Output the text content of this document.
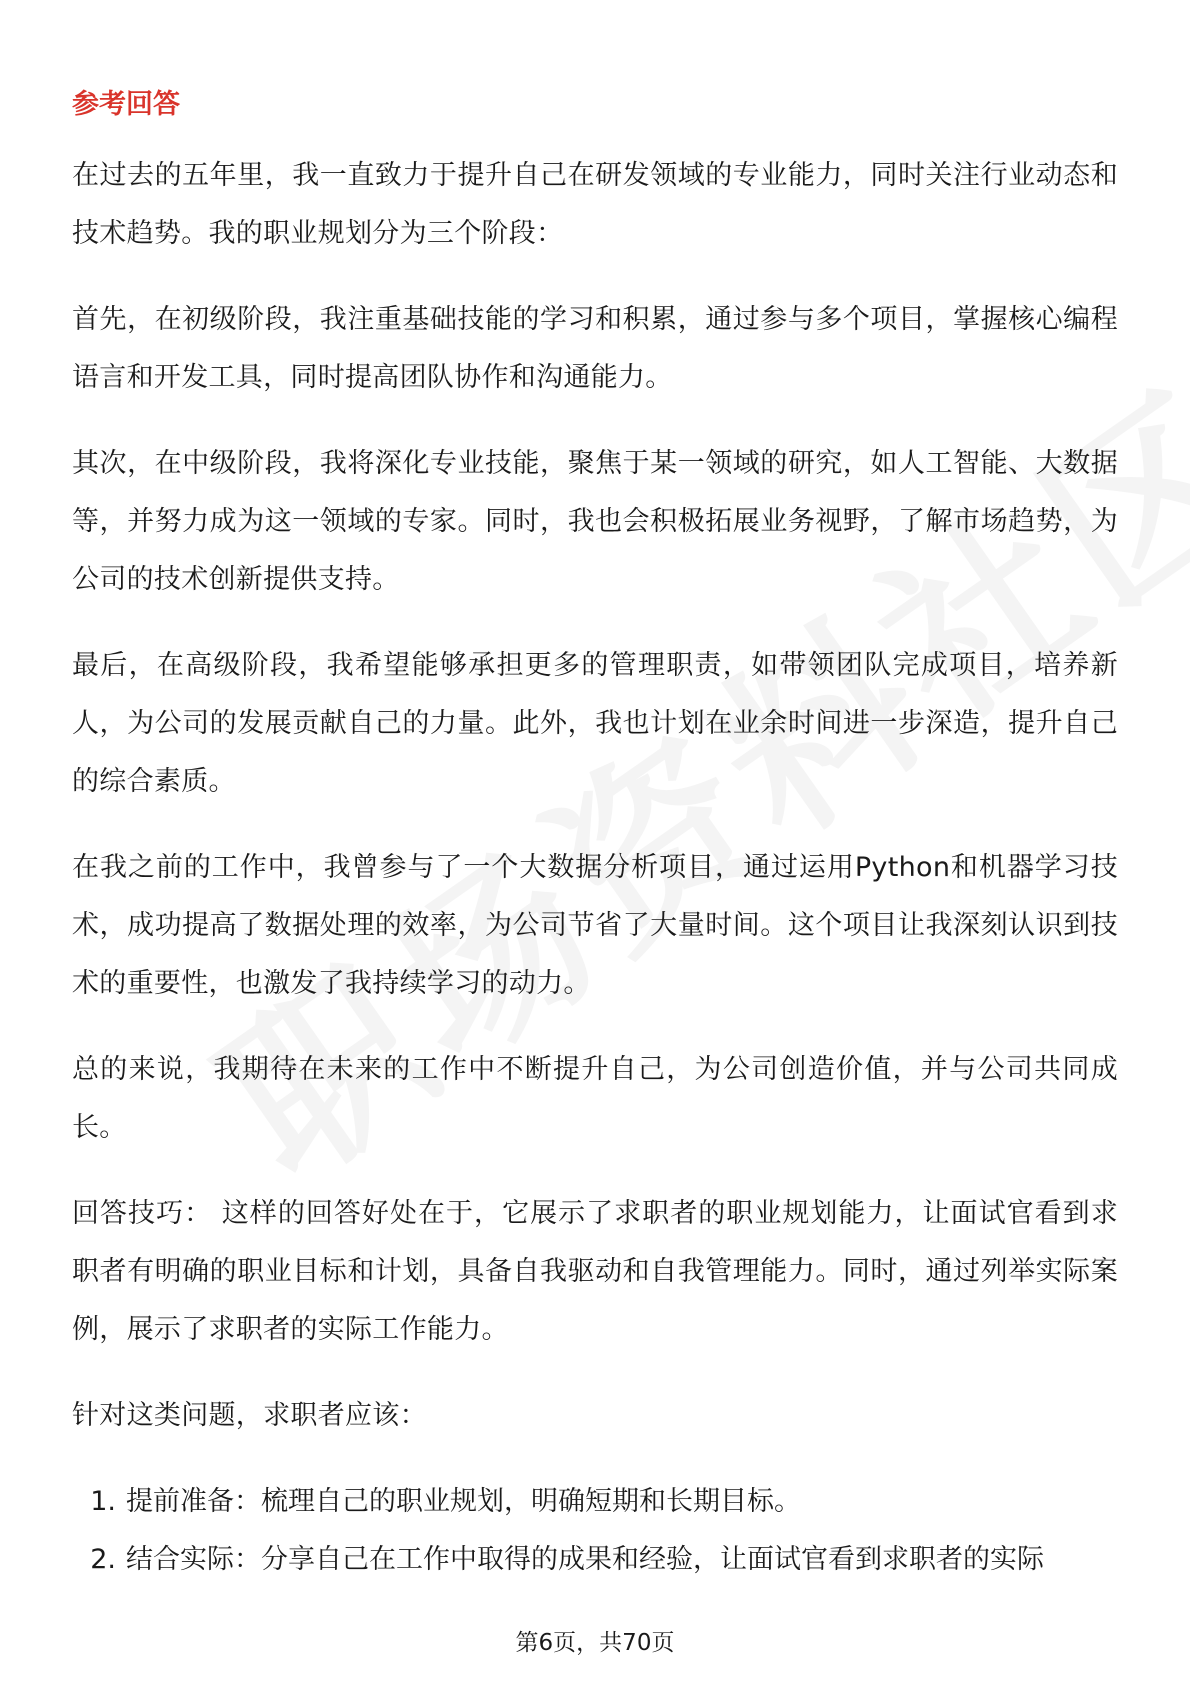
参考回答

在过去的五年里，我一直致力于提升自己在研发领域的专业能力，同时关注行业动态和技术趋势。我的职业规划分为三个阶段：

首先，在初级阶段，我注重基础技能的学习和积累，通过参与多个项目，掌握核心编程语言和开发工具，同时提高团队协作和沟通能力。

其次，在中级阶段，我将深化专业技能，聚焦于某一领域的研究，如人工智能、大数据等，并努力成为这一领域的专家。同时，我也会积极拓展业务视野，了解市场趋势，为公司的技术创新提供支持。

最后，在高级阶段，我希望能够承担更多的管理职责，如带领团队完成项目，培养新人，为公司的发展贡献自己的力量。此外，我也计划在业余时间进一步深造，提升自己的综合素质。

在我之前的工作中，我曾参与了一个大数据分析项目，通过运用Python和机器学习技术，成功提高了数据处理的效率，为公司节省了大量时间。这个项目让我深刻认识到技术的重要性，也激发了我持续学习的动力。

总的来说，我期待在未来的工作中不断提升自己，为公司创造价值，并与公司共同成长。

回答技巧： 这样的回答好处在于，它展示了求职者的职业规划能力，让面试官看到求职者有明确的职业目标和计划，具备自我驱动和自我管理能力。同时，通过列举实际案例，展示了求职者的实际工作能力。

针对这类问题，求职者应该：

1. 提前准备：梳理自己的职业规划，明确短期和长期目标。
2. 结合实际：分享自己在工作中取得的成果和经验，让面试官看到求职者的实际
第6页，共70页
